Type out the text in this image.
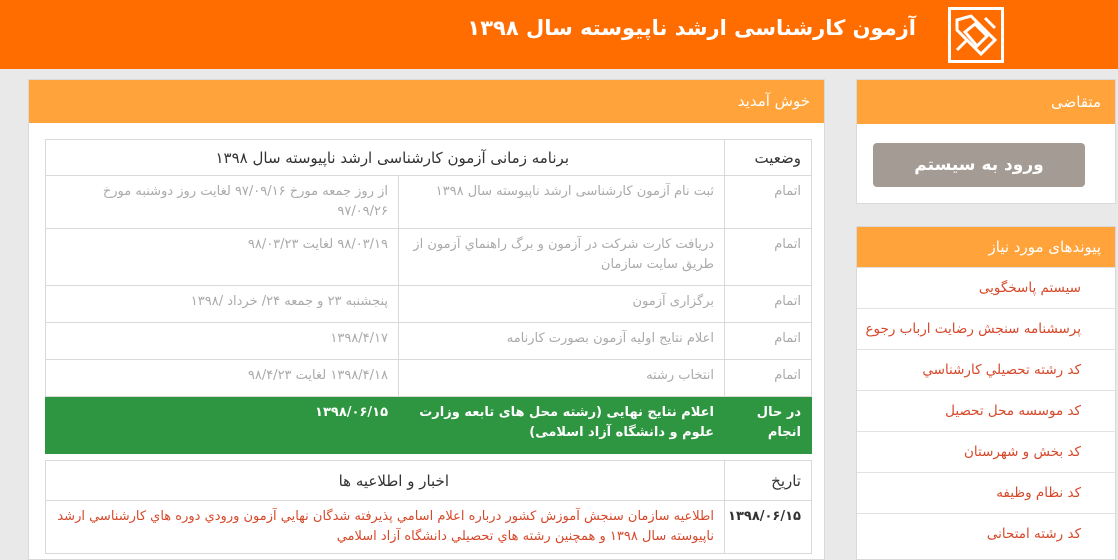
آزمون کارشناسی ارشد ناپیوسته سال ۱۳۹۸
متقاضی
ورود به سیستم
پیوندهای مورد نیاز
سیستم پاسخگویی
پرسشنامه سنجش رضایت ارباب رجوع
کد رشته تحصيلي كارشناسي
کد موسسه محل تحصیل
کد بخش و شهرستان
کد نظام وظیفه
کد رشته امتحانی
خوش آمدید
وضعیت	برنامه زمانی آزمون کارشناسی ارشد ناپیوسته سال ۱۳۹۸	
اتمام	ثبت نام آزمون کارشناسی ارشد ناپیوسته سال ۱۳۹۸	از روز جمعه مورخ ۹۷/۰۹/۱۶ لغایت روز دوشنبه مورخ ۹۷/۰۹/۲۶
اتمام	دریافت کارت شرکت در آزمون و برگ راهنماي آزمون از طریق سایت سازمان	۹۸/۰۳/۱۹ لغایت ۹۸/۰۳/۲۳
اتمام	برگزاری آزمون	پنجشنبه ۲۳ و جمعه ۲۴/ خرداد /۱۳۹۸
اتمام	اعلام نتایج اولیه آزمون بصورت کارنامه	۱۳۹۸/۴/۱۷
اتمام	انتخاب رشته	۱۳۹۸/۴/۱۸ لغایت ۹۸/۴/۲۳
در حال انجام	اعلام نتایج نهایی (رشته محل های تابعه وزارت علوم و دانشگاه آزاد اسلامی)	۱۳۹۸/۰۶/۱۵
تاریخ	اخبار و اطلاعیه ها
۱۳۹۸/۰۶/۱۵	اطلاعيه سازمان سنجش آموزش کشور درباره اعلام اسامي پذيرفته شدگان نهايي آزمون ورودي دوره هاي كارشناسي ارشد ناپيوسته سال ۱۳۹۸ و همچنين رشته هاي تحصيلي دانشگاه آزاد اسلامي
